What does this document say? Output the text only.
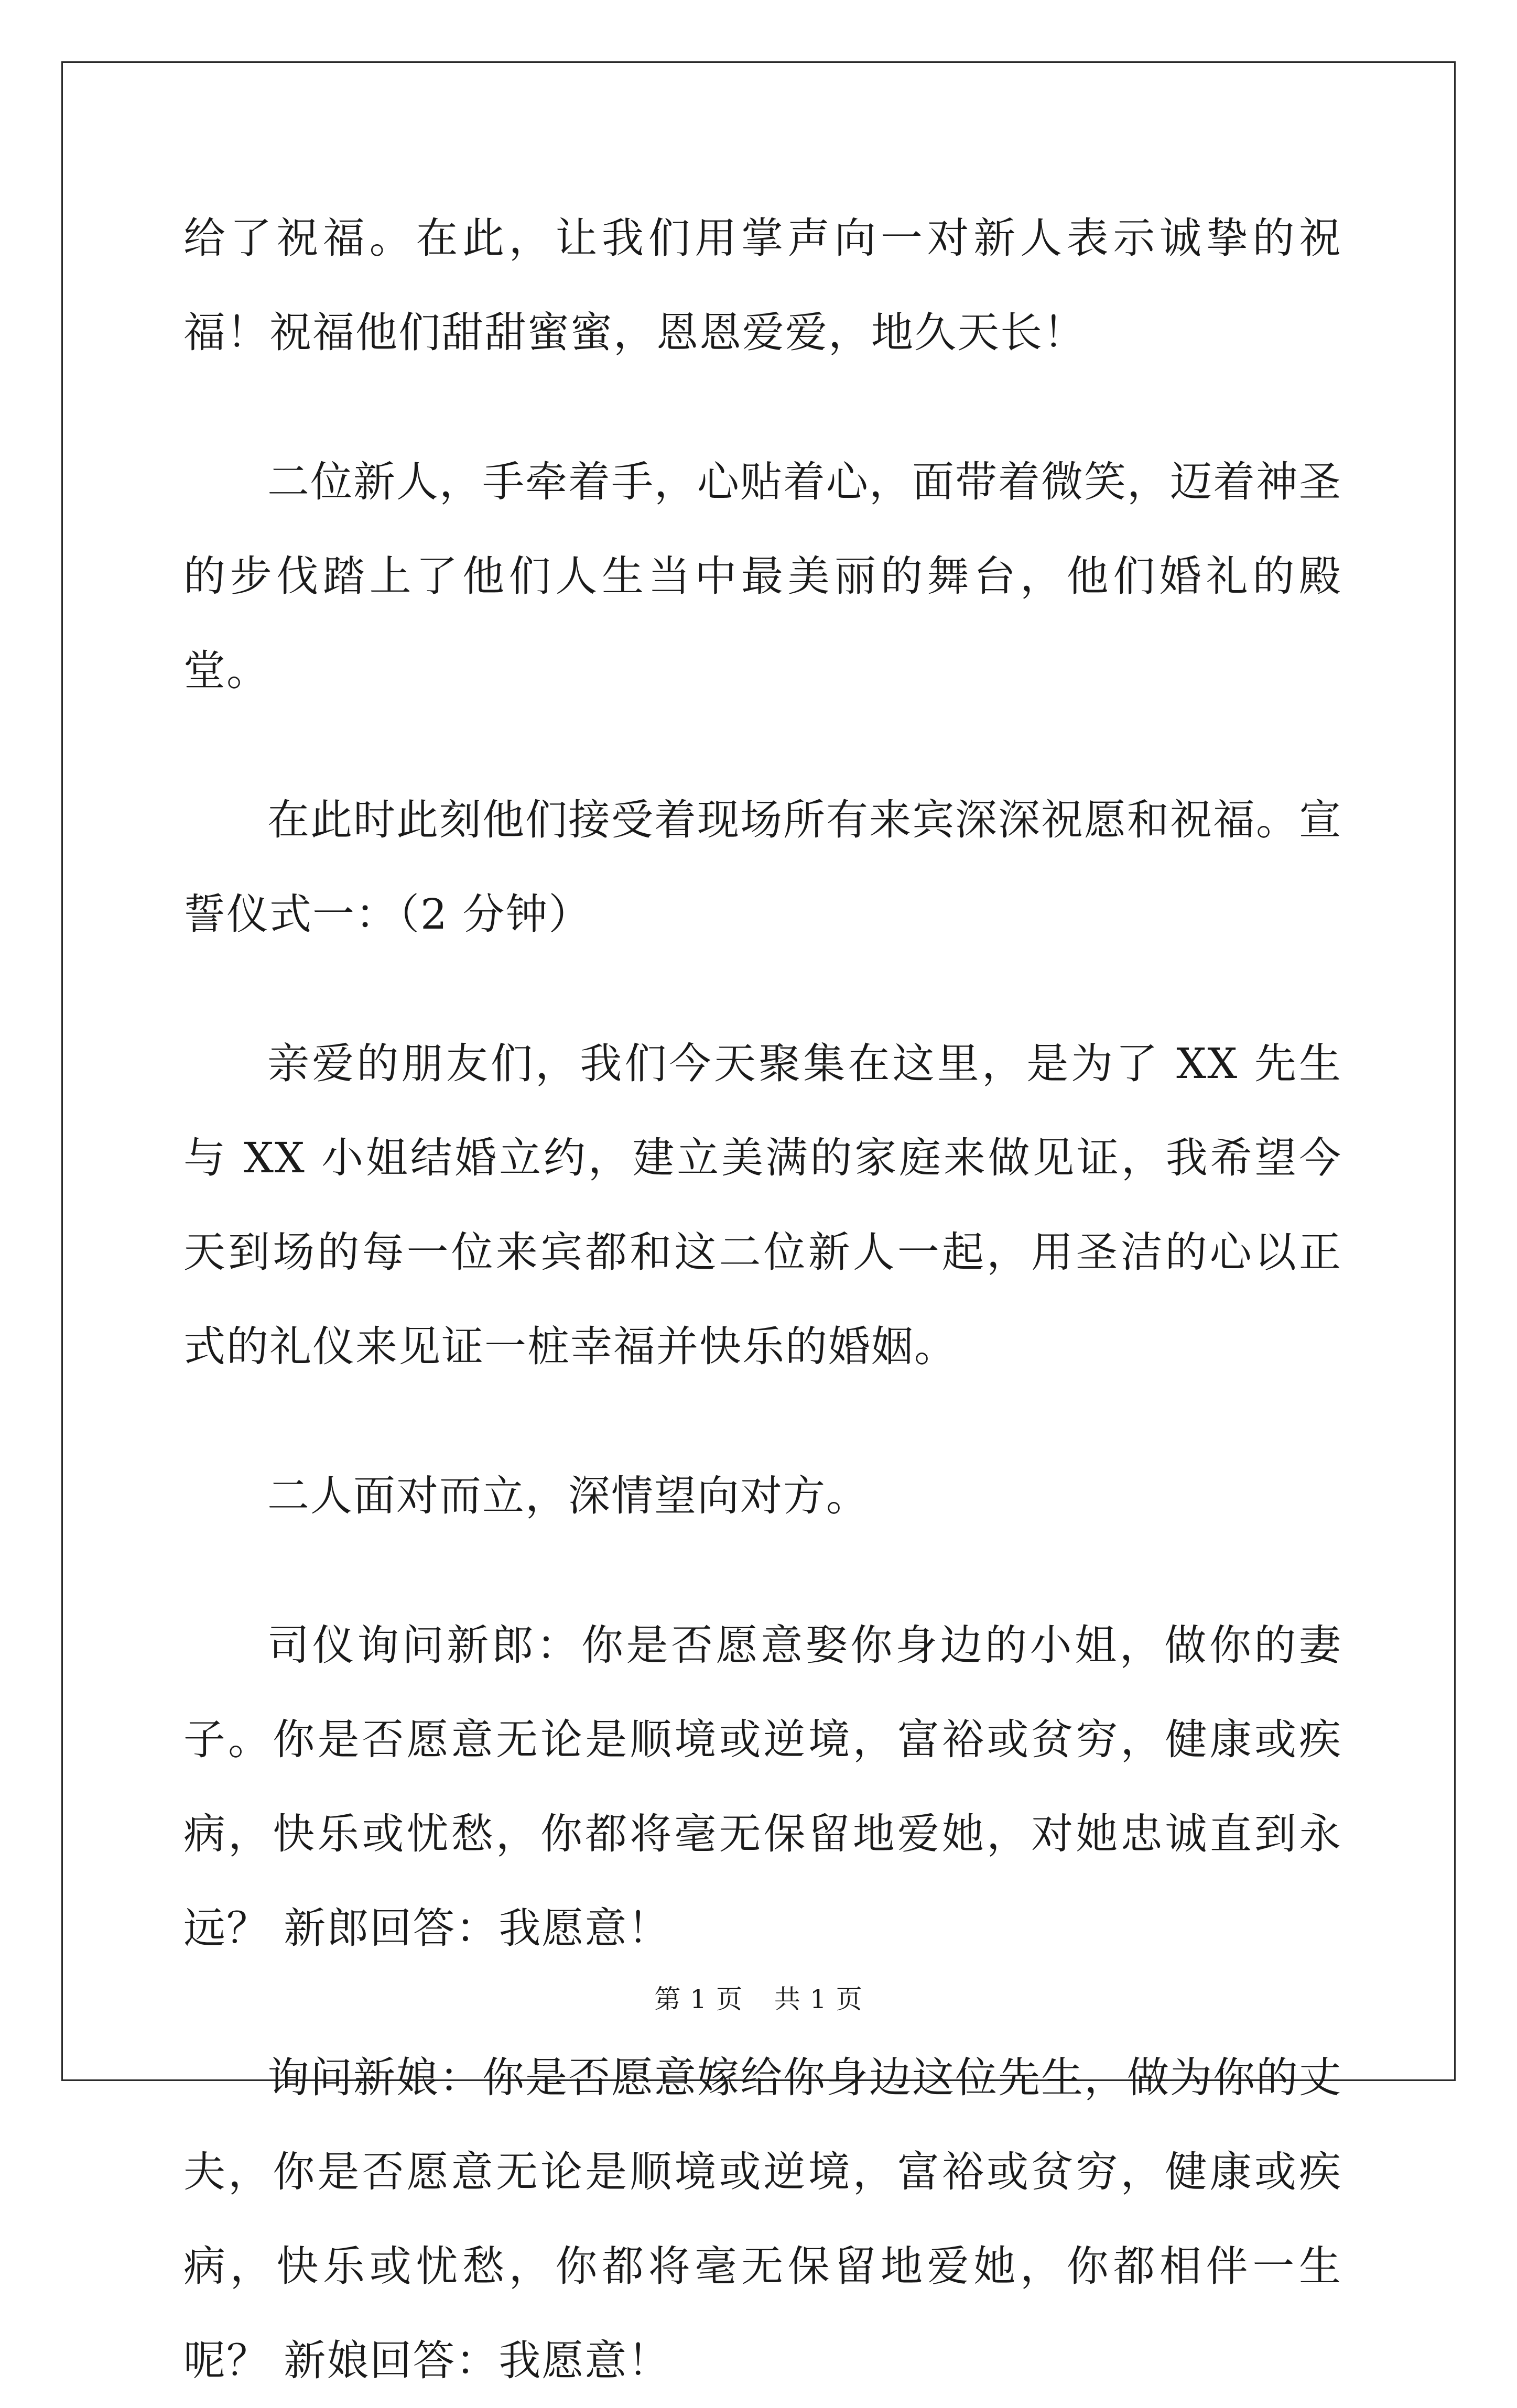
给了祝福。在此，让我们用掌声向一对新人表示诚挚的祝福！祝福他们甜甜蜜蜜，恩恩爱爱，地久天长！

二位新人，手牵着手，心贴着心，面带着微笑，迈着神圣的步伐踏上了他们人生当中最美丽的舞台，他们婚礼的殿堂。

在此时此刻他们接受着现场所有来宾深深祝愿和祝福。宣誓仪式一：（2 分钟）

亲爱的朋友们，我们今天聚集在这里，是为了 XX 先生与 XX 小姐结婚立约，建立美满的家庭来做见证，我希望今天到场的每一位来宾都和这二位新人一起，用圣洁的心以正式的礼仪来见证一桩幸福并快乐的婚姻。

二人面对而立，深情望向对方。

司仪询问新郎：你是否愿意娶你身边的小姐，做你的妻子。你是否愿意无论是顺境或逆境，富裕或贫穷，健康或疾病，快乐或忧愁，你都将毫无保留地爱她，对她忠诚直到永远？ 新郎回答：我愿意！

询问新娘：你是否愿意嫁给你身边这位先生，做为你的丈夫，你是否愿意无论是顺境或逆境，富裕或贫穷，健康或疾病，快乐或忧愁，你都将毫无保留地爱她，你都相伴一生呢？ 新娘回答：我愿意！

第 1 页 共 1 页
